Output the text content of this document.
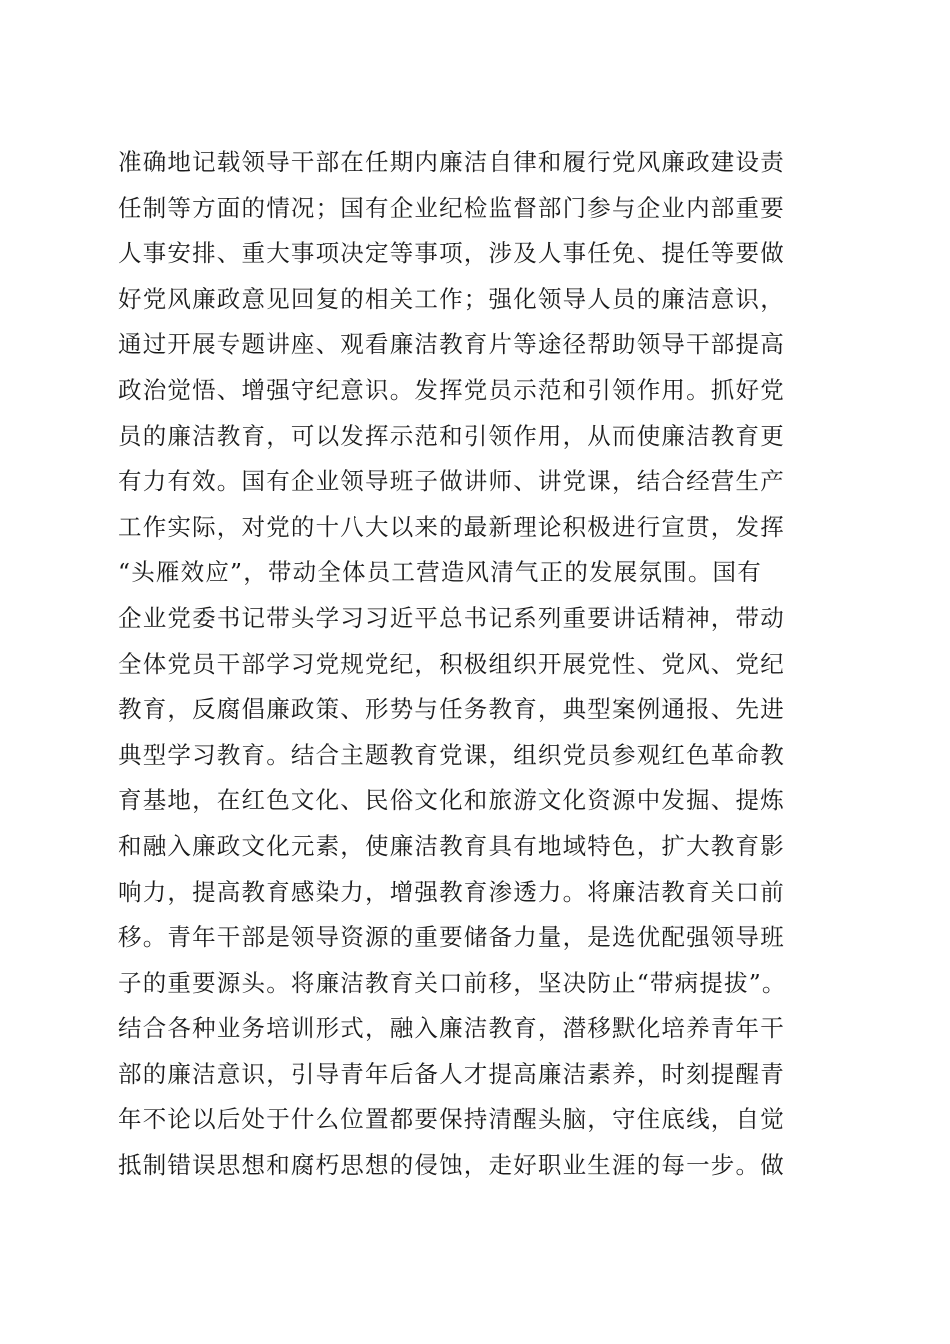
准确地记载领导干部在任期内廉洁自律和履行党风廉政建设责
任制等方面的情况；国有企业纪检监督部门参与企业内部重要
人事安排、重大事项决定等事项，涉及人事任免、提任等要做
好党风廉政意见回复的相关工作；强化领导人员的廉洁意识，
通过开展专题讲座、观看廉洁教育片等途径帮助领导干部提高
政治觉悟、增强守纪意识。发挥党员示范和引领作用。抓好党
员的廉洁教育，可以发挥示范和引领作用，从而使廉洁教育更
有力有效。国有企业领导班子做讲师、讲党课，结合经营生产
工作实际，对党的十八大以来的最新理论积极进行宣贯，发挥
“头雁效应”，带动全体员工营造风清气正的发展氛围。国有
企业党委书记带头学习习近平总书记系列重要讲话精神，带动
全体党员干部学习党规党纪，积极组织开展党性、党风、党纪
教育，反腐倡廉政策、形势与任务教育，典型案例通报、先进
典型学习教育。结合主题教育党课，组织党员参观红色革命教
育基地，在红色文化、民俗文化和旅游文化资源中发掘、提炼
和融入廉政文化元素，使廉洁教育具有地域特色，扩大教育影
响力，提高教育感染力，增强教育渗透力。将廉洁教育关口前
移。青年干部是领导资源的重要储备力量，是选优配强领导班
子的重要源头。将廉洁教育关口前移，坚决防止“带病提拔”。
结合各种业务培训形式，融入廉洁教育，潜移默化培养青年干
部的廉洁意识，引导青年后备人才提高廉洁素养，时刻提醒青
年不论以后处于什么位置都要保持清醒头脑，守住底线，自觉
抵制错误思想和腐朽思想的侵蚀，走好职业生涯的每一步。做
